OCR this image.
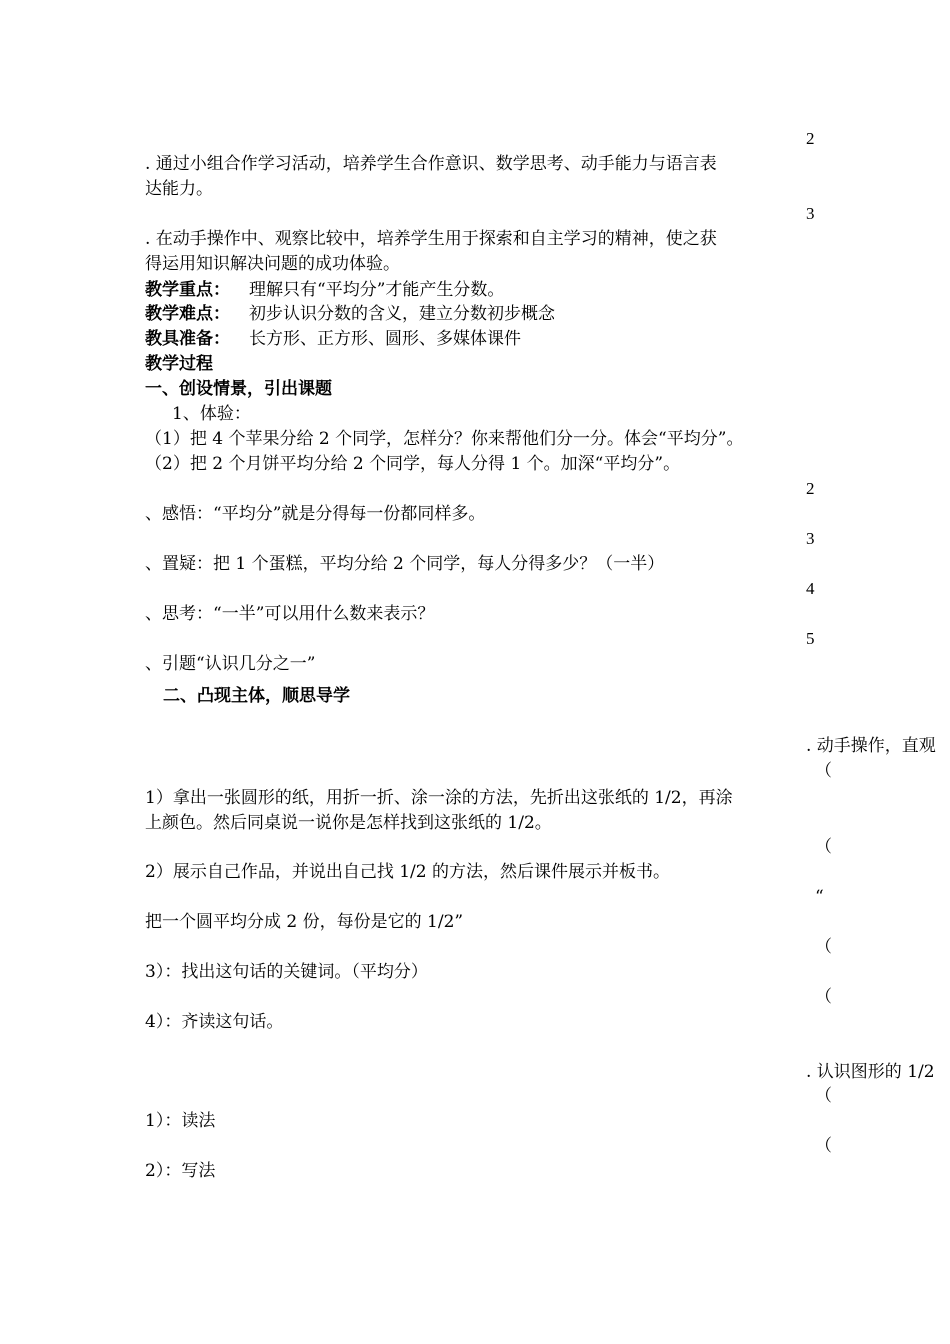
2
. 通过小组合作学习活动，培养学生合作意识、数学思考、动手能力与语言表
达能力。
3
. 在动手操作中、观察比较中，培养学生用于探索和自主学习的精神，使之获
得运用知识解决问题的成功体验。
教学重点： 理解只有“平均分”才能产生分数。
教学难点： 初步认识分数的含义，建立分数初步概念
教具准备： 长方形、正方形、圆形、多媒体课件
教学过程
一、创设情景，引出课题
1、体验：
（1）把 4 个苹果分给 2 个同学，怎样分？你来帮他们分一分。体会“平均分”。
（2）把 2 个月饼平均分给 2 个同学，每人分得 1 个。加深“平均分”。
2
、感悟：“平均分”就是分得每一份都同样多。
3
、置疑：把 1 个蛋糕，平均分给 2 个同学，每人分得多少？（一半）
4
、思考：“一半”可以用什么数来表示？
5
、引题“认识几分之一”
二、凸现主体，顺思导学
. 动手操作，直观
（
1）拿出一张圆形的纸，用折一折、涂一涂的方法，先折出这张纸的 1/2，再涂
上颜色。然后同桌说一说你是怎样找到这张纸的 1/2。
（
2）展示自己作品，并说出自己找 1/2 的方法，然后课件展示并板书。
“
把一个圆平均分成 2 份，每份是它的 1/2”
（
3）：找出这句话的关键词。（平均分）
（
4）：齐读这句话。
. 认识图形的 1/2
（
1）：读法
（
2）：写法
